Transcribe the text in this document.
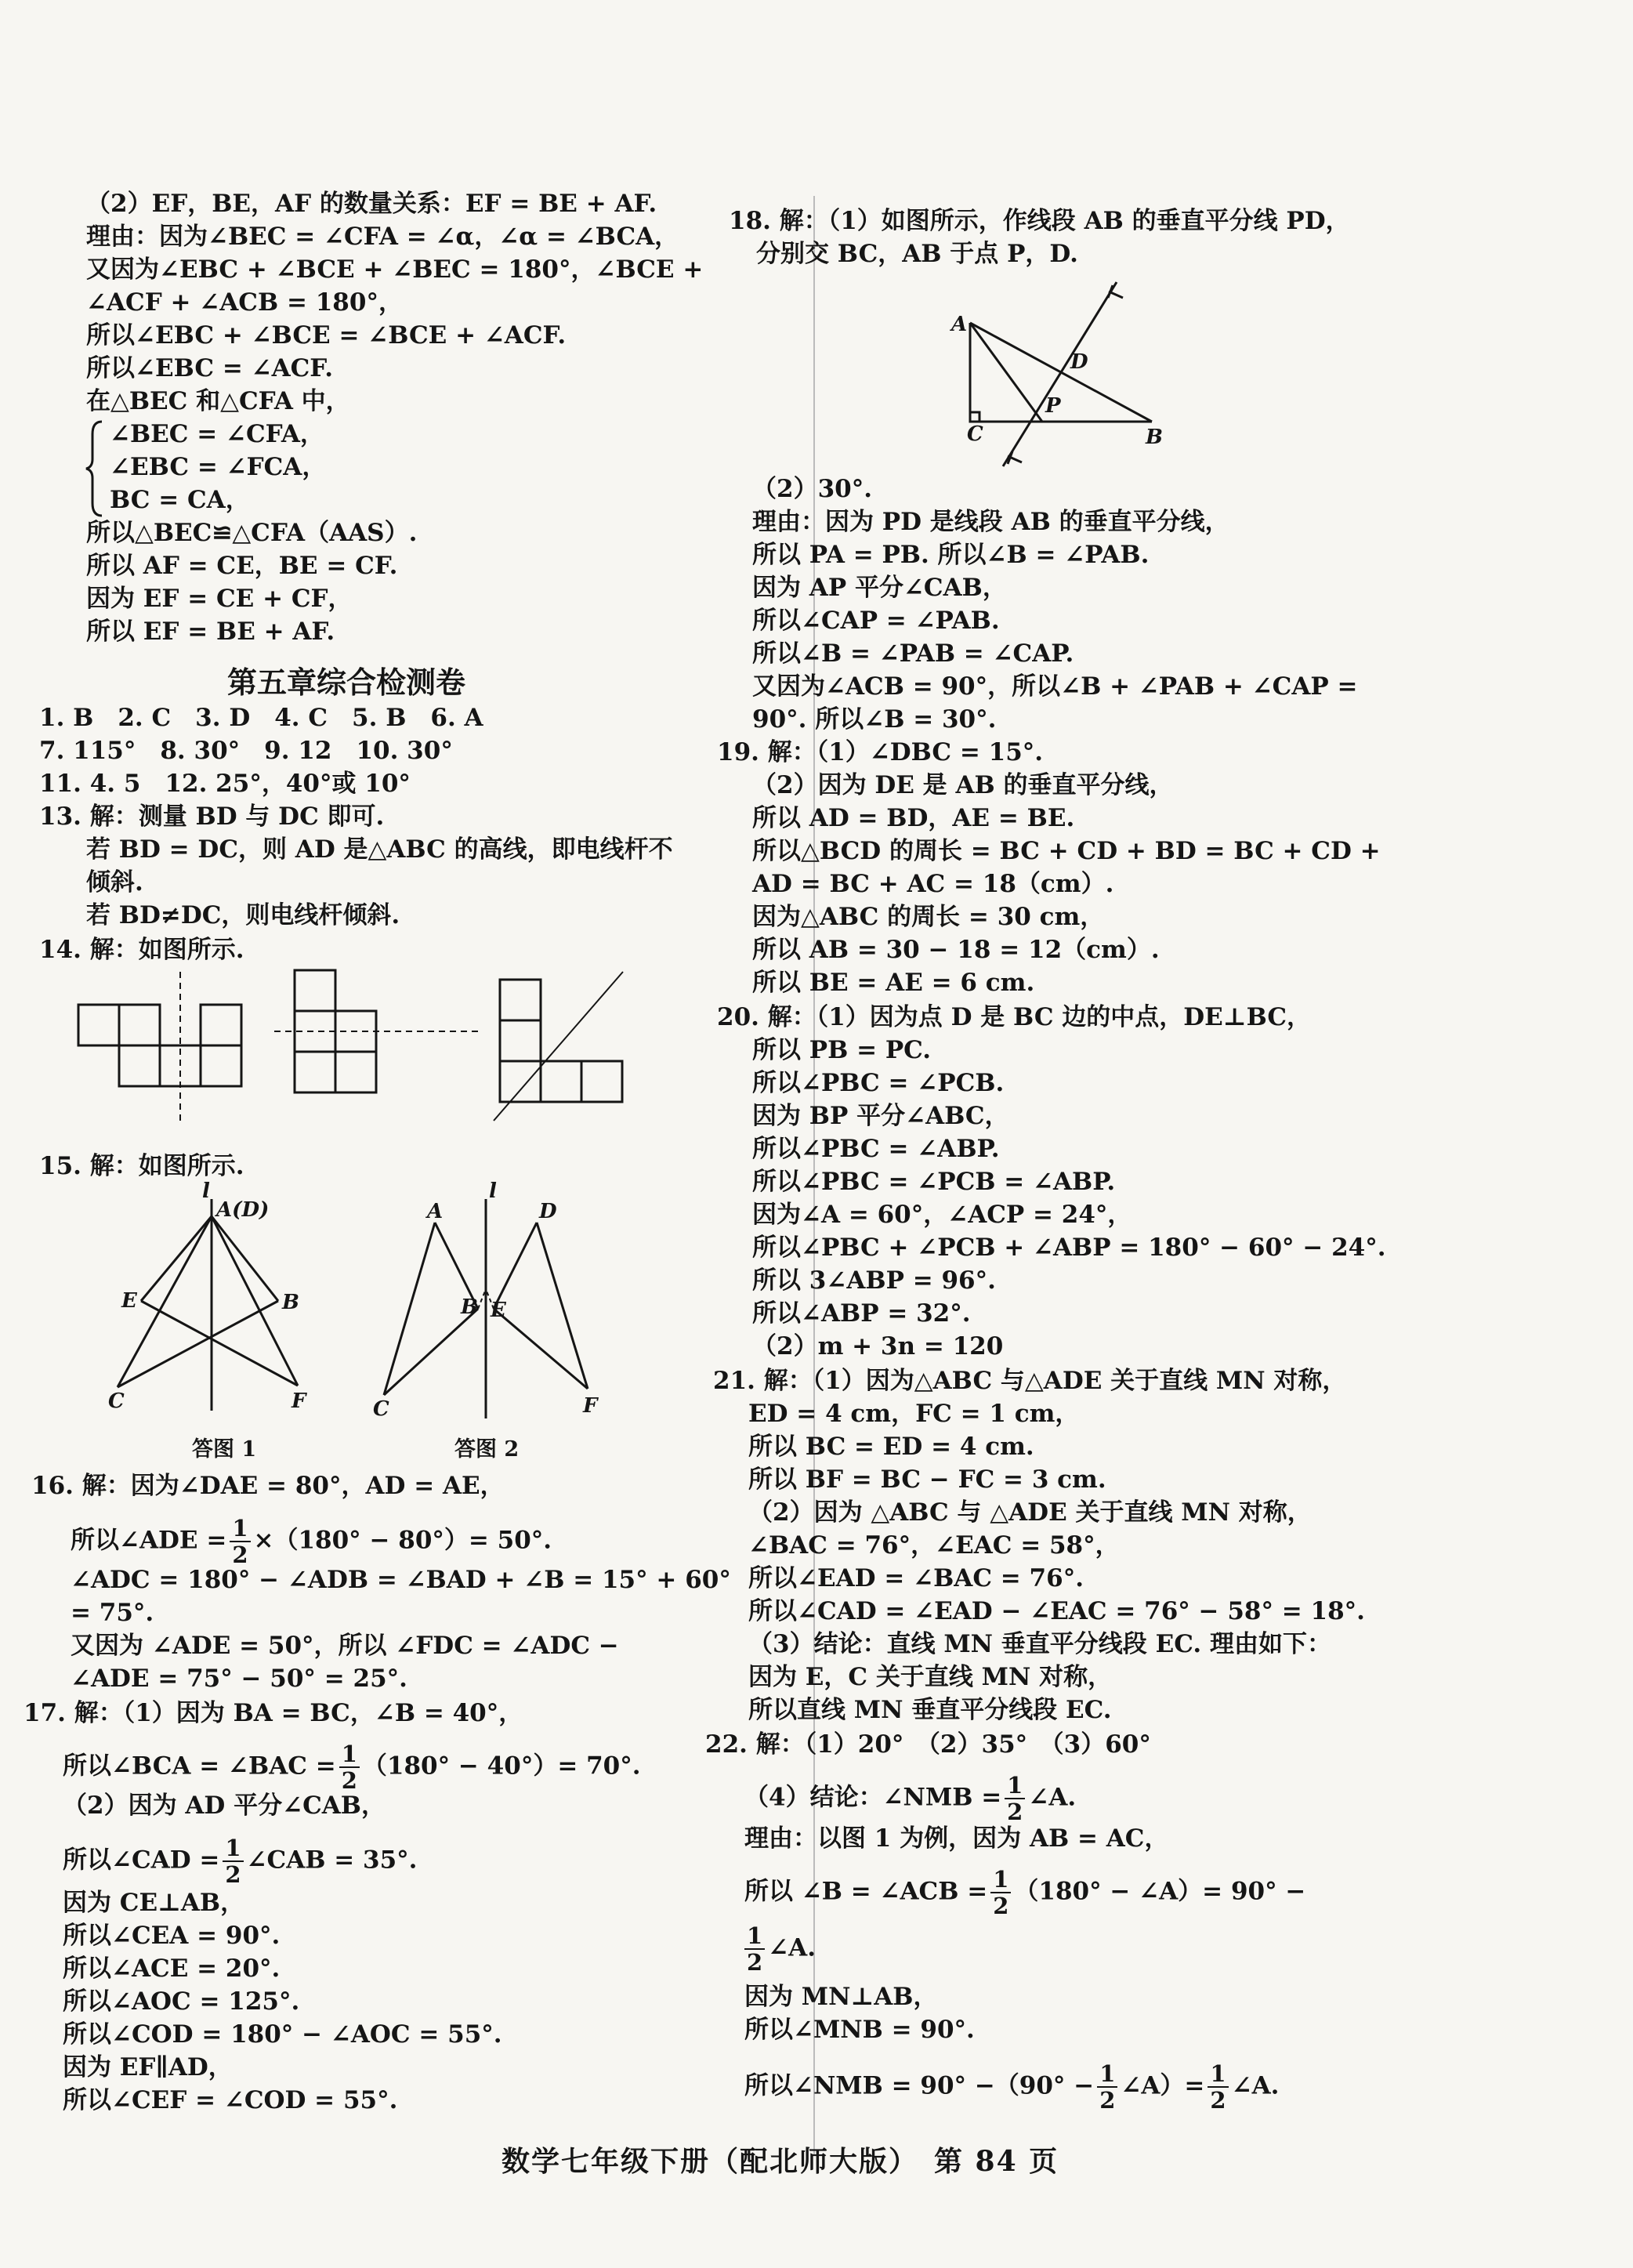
（2）EF，BE，AF 的数量关系：EF = BE + AF.
理由：因为∠BEC = ∠CFA = ∠α，∠α = ∠BCA，
又因为∠EBC + ∠BCE + ∠BEC = 180°，∠BCE +
∠ACF + ∠ACB = 180°，
所以∠EBC + ∠BCE = ∠BCE + ∠ACF.
所以∠EBC = ∠ACF.
在△BEC 和△CFA 中，
∠BEC = ∠CFA，
∠EBC = ∠FCA，
BC = CA，
所以△BEC≌△CFA（AAS）.
所以 AF = CE，BE = CF.
因为 EF = CE + CF，
所以 EF = BE + AF.
第五章综合检测卷
1. B　2. C　3. D　4. C　5. B　6. A
7. 115°　8. 30°　9. 12　10. 30°
11. 4. 5　12. 25°，40°或 10°
13. 解：测量 BD 与 DC 即可.
若 BD = DC，则 AD 是△ABC 的高线，即电线杆不
倾斜.
若 BD≠DC，则电线杆倾斜.
14. 解：如图所示.
15. 解：如图所示.
l
A(D)
E	B
C	F
l
A	D
B E
C	F
答图 1	答图 2
16. 解：因为∠DAE = 80°，AD = AE，
所以∠ADE = $\frac{1}{2} \times(180^\circ - 80^\circ)= 50^\circ$.
∠ADC = 180° − ∠ADB = ∠BAD + ∠B = 15° + 60°
= 75°.
又因为 ∠ADE = 50°，所以 ∠FDC = ∠ADC −
∠ADE = 75° − 50° = 25°.
17. 解：（1）因为 BA = BC，∠B = 40°，
所以∠BCA = ∠BAC = $\frac{1}{2} (180^\circ - 40^\circ)= 70^\circ$.
（2）因为 AD 平分∠CAB，
所以∠CAD = $\frac{1}{2}$ ∠CAB = 35°.
因为 CE⊥AB，
所以∠CEA = 90°.
所以∠ACE = 20°.
所以∠AOC = 125°.
所以∠COD = 180° − ∠AOC = 55°.
因为 EF∥AD，
所以∠CEF = ∠COD = 55°.
18. 解：（1）如图所示，作线段 AB 的垂直平分线 PD，
分别交 BC，AB 于点 P，D.
A
D
C
P
B
（2）30°.
理由：因为 PD 是线段 AB 的垂直平分线，
所以 PA = PB. 所以∠B = ∠PAB.
因为 AP 平分∠CAB，
所以∠CAP = ∠PAB.
所以∠B = ∠PAB = ∠CAP.
又因为∠ACB = 90°，所以∠B + ∠PAB + ∠CAP =
90°. 所以∠B = 30°.
19. 解：（1）∠DBC = 15°.
（2）因为 DE 是 AB 的垂直平分线，
所以 AD = BD，AE = BE.
所以△BCD 的周长 = BC + CD + BD = BC + CD +
AD = BC + AC = 18（cm）.
因为△ABC 的周长 = 30 cm，
所以 AB = 30 − 18 = 12（cm）.
所以 BE = AE = 6 cm.
20. 解：（1）因为点 D 是 BC 边的中点，DE⊥BC，
所以 PB = PC.
所以∠PBC = ∠PCB.
因为 BP 平分∠ABC，
所以∠PBC = ∠ABP.
所以∠PBC = ∠PCB = ∠ABP.
因为∠A = 60°，∠ACP = 24°，
所以∠PBC + ∠PCB + ∠ABP = 180° − 60° − 24°.
所以 3∠ABP = 96°.
所以∠ABP = 32°.
（2）m + 3n = 120
21. 解：（1）因为△ABC 与△ADE 关于直线 MN 对称，
ED = 4 cm，FC = 1 cm，
所以 BC = ED = 4 cm.
所以 BF = BC − FC = 3 cm.
（2）因为 △ABC 与 △ADE 关于直线 MN 对称，
∠BAC = 76°，∠EAC = 58°，
所以∠EAD = ∠BAC = 76°.
所以∠CAD = ∠EAD − ∠EAC = 76° − 58° = 18°.
（3）结论：直线 MN 垂直平分线段 EC. 理由如下：
因为 E，C 关于直线 MN 对称，
所以直线 MN 垂直平分线段 EC.
22. 解：（1）20°　（2）35°　（3）60°
（4）结论：∠NMB = $\frac{1}{2}$ ∠A.
理由：以图 1 为例，因为 AB = AC，
所以 ∠B = ∠ACB = $\frac{1}{2} (180^\circ$ − ∠A）= 90° −
$\frac{1}{2}$ ∠A.
因为 MN⊥AB，
所以∠MNB = 90°.
所以∠NMB = $90^\circ -(90^\circ - \frac{1}{2}$ ∠A）= $\frac{1}{2}$ ∠A.
数学七年级下册（配北师大版）　第 84 页
